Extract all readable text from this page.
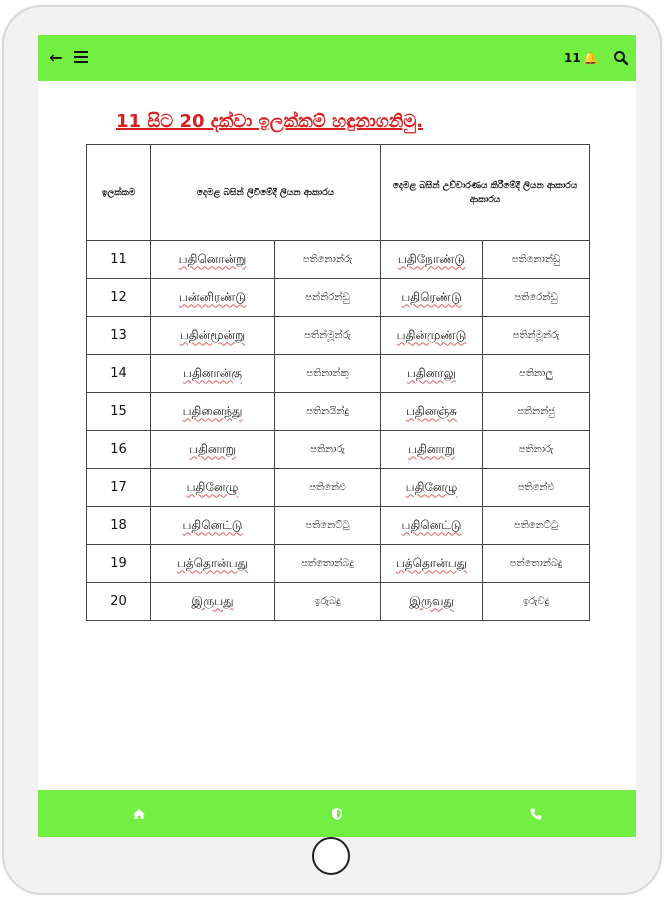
←	11 🔔
11 සිට 20 දක්වා ඉලක්කම් හඳුනාගනිමු.
ඉලක්කම	දෙමළ බසින් ලිවීමේදී ලියන ආකාරය		දෙමළ බසින් උච්චාරණය කිරීමේදී ලියන ආකාරය ආකාරය	
11	பதினொன்று	පතිනොන්රු	பதிநோண்டு	පතිනොන්ඩු
12	பன்னிரண்டு	පන්නිරන්ඩු	பதிரெண்டு	පතිරෙන්ඩු
13	பதின்மூன்று	පතින්මූන්රු	பதின்முண்டு	පතින්මූන්රු
14	பதினான்கு	පතිනාන්කු	பதினாலு	පතිනාලු
15	பதினைந்து	පතිනයින්දු	பதினஞ்சு	පතිනන්ජු
16	பதினாறு	පතිනාරු	பதினாறு	පතිනාරු
17	பதினேழு	පතිනේළු	பதினேழு	පතිනේළු
18	பதினெட்டு	පතිනෙට්ටු	பதினெட்டு	පතිනෙට්ටු
19	பத்தொன்பது	පත්තොන්බදු	பத்தொன்பது	පත්තොන්බදු
20	இருபது	ඉරුබදු	இருவது	ඉරුවදු
